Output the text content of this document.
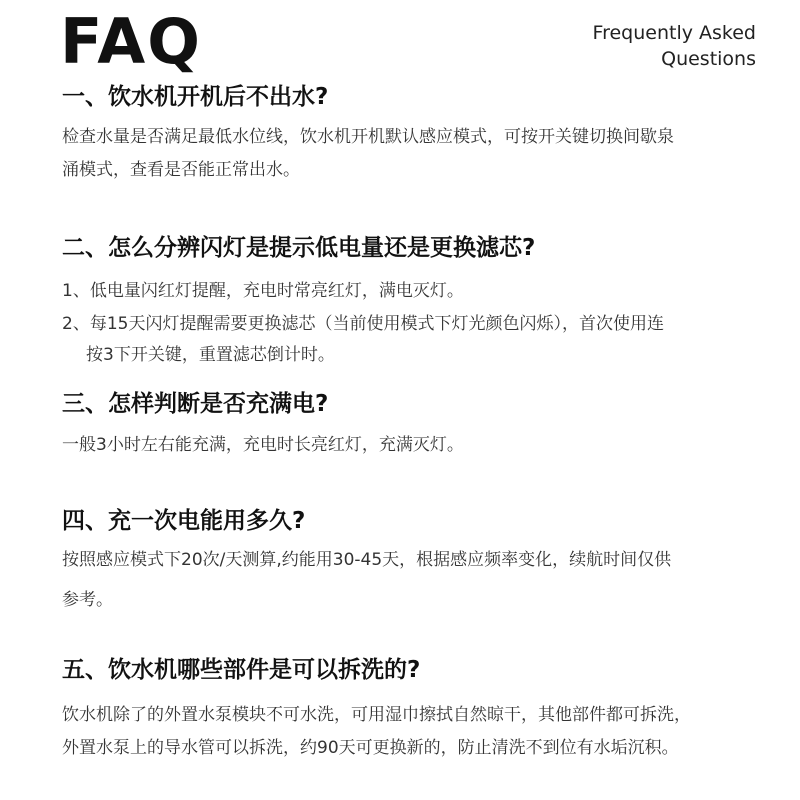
FAQ	Frequently Asked
Questions
一、饮水机开机后不出水?
检查水量是否满足最低水位线，饮水机开机默认感应模式，可按开关键切换间歇泉
涌模式，查看是否能正常出水。
二、怎么分辨闪灯是提示低电量还是更换滤芯?
1、低电量闪红灯提醒，充电时常亮红灯，满电灭灯。
2、每15天闪灯提醒需要更换滤芯（当前使用模式下灯光颜色闪烁），首次使用连
按3下开关键，重置滤芯倒计时。
三、怎样判断是否充满电?
一般3小时左右能充满，充电时长亮红灯，充满灭灯。
四、充一次电能用多久?
按照感应模式下20次/天测算,约能用30-45天，根据感应频率变化，续航时间仅供
参考。
五、饮水机哪些部件是可以拆洗的?
饮水机除了的外置水泵模块不可水洗，可用湿巾擦拭自然晾干，其他部件都可拆洗，
外置水泵上的导水管可以拆洗，约90天可更换新的，防止清洗不到位有水垢沉积。
